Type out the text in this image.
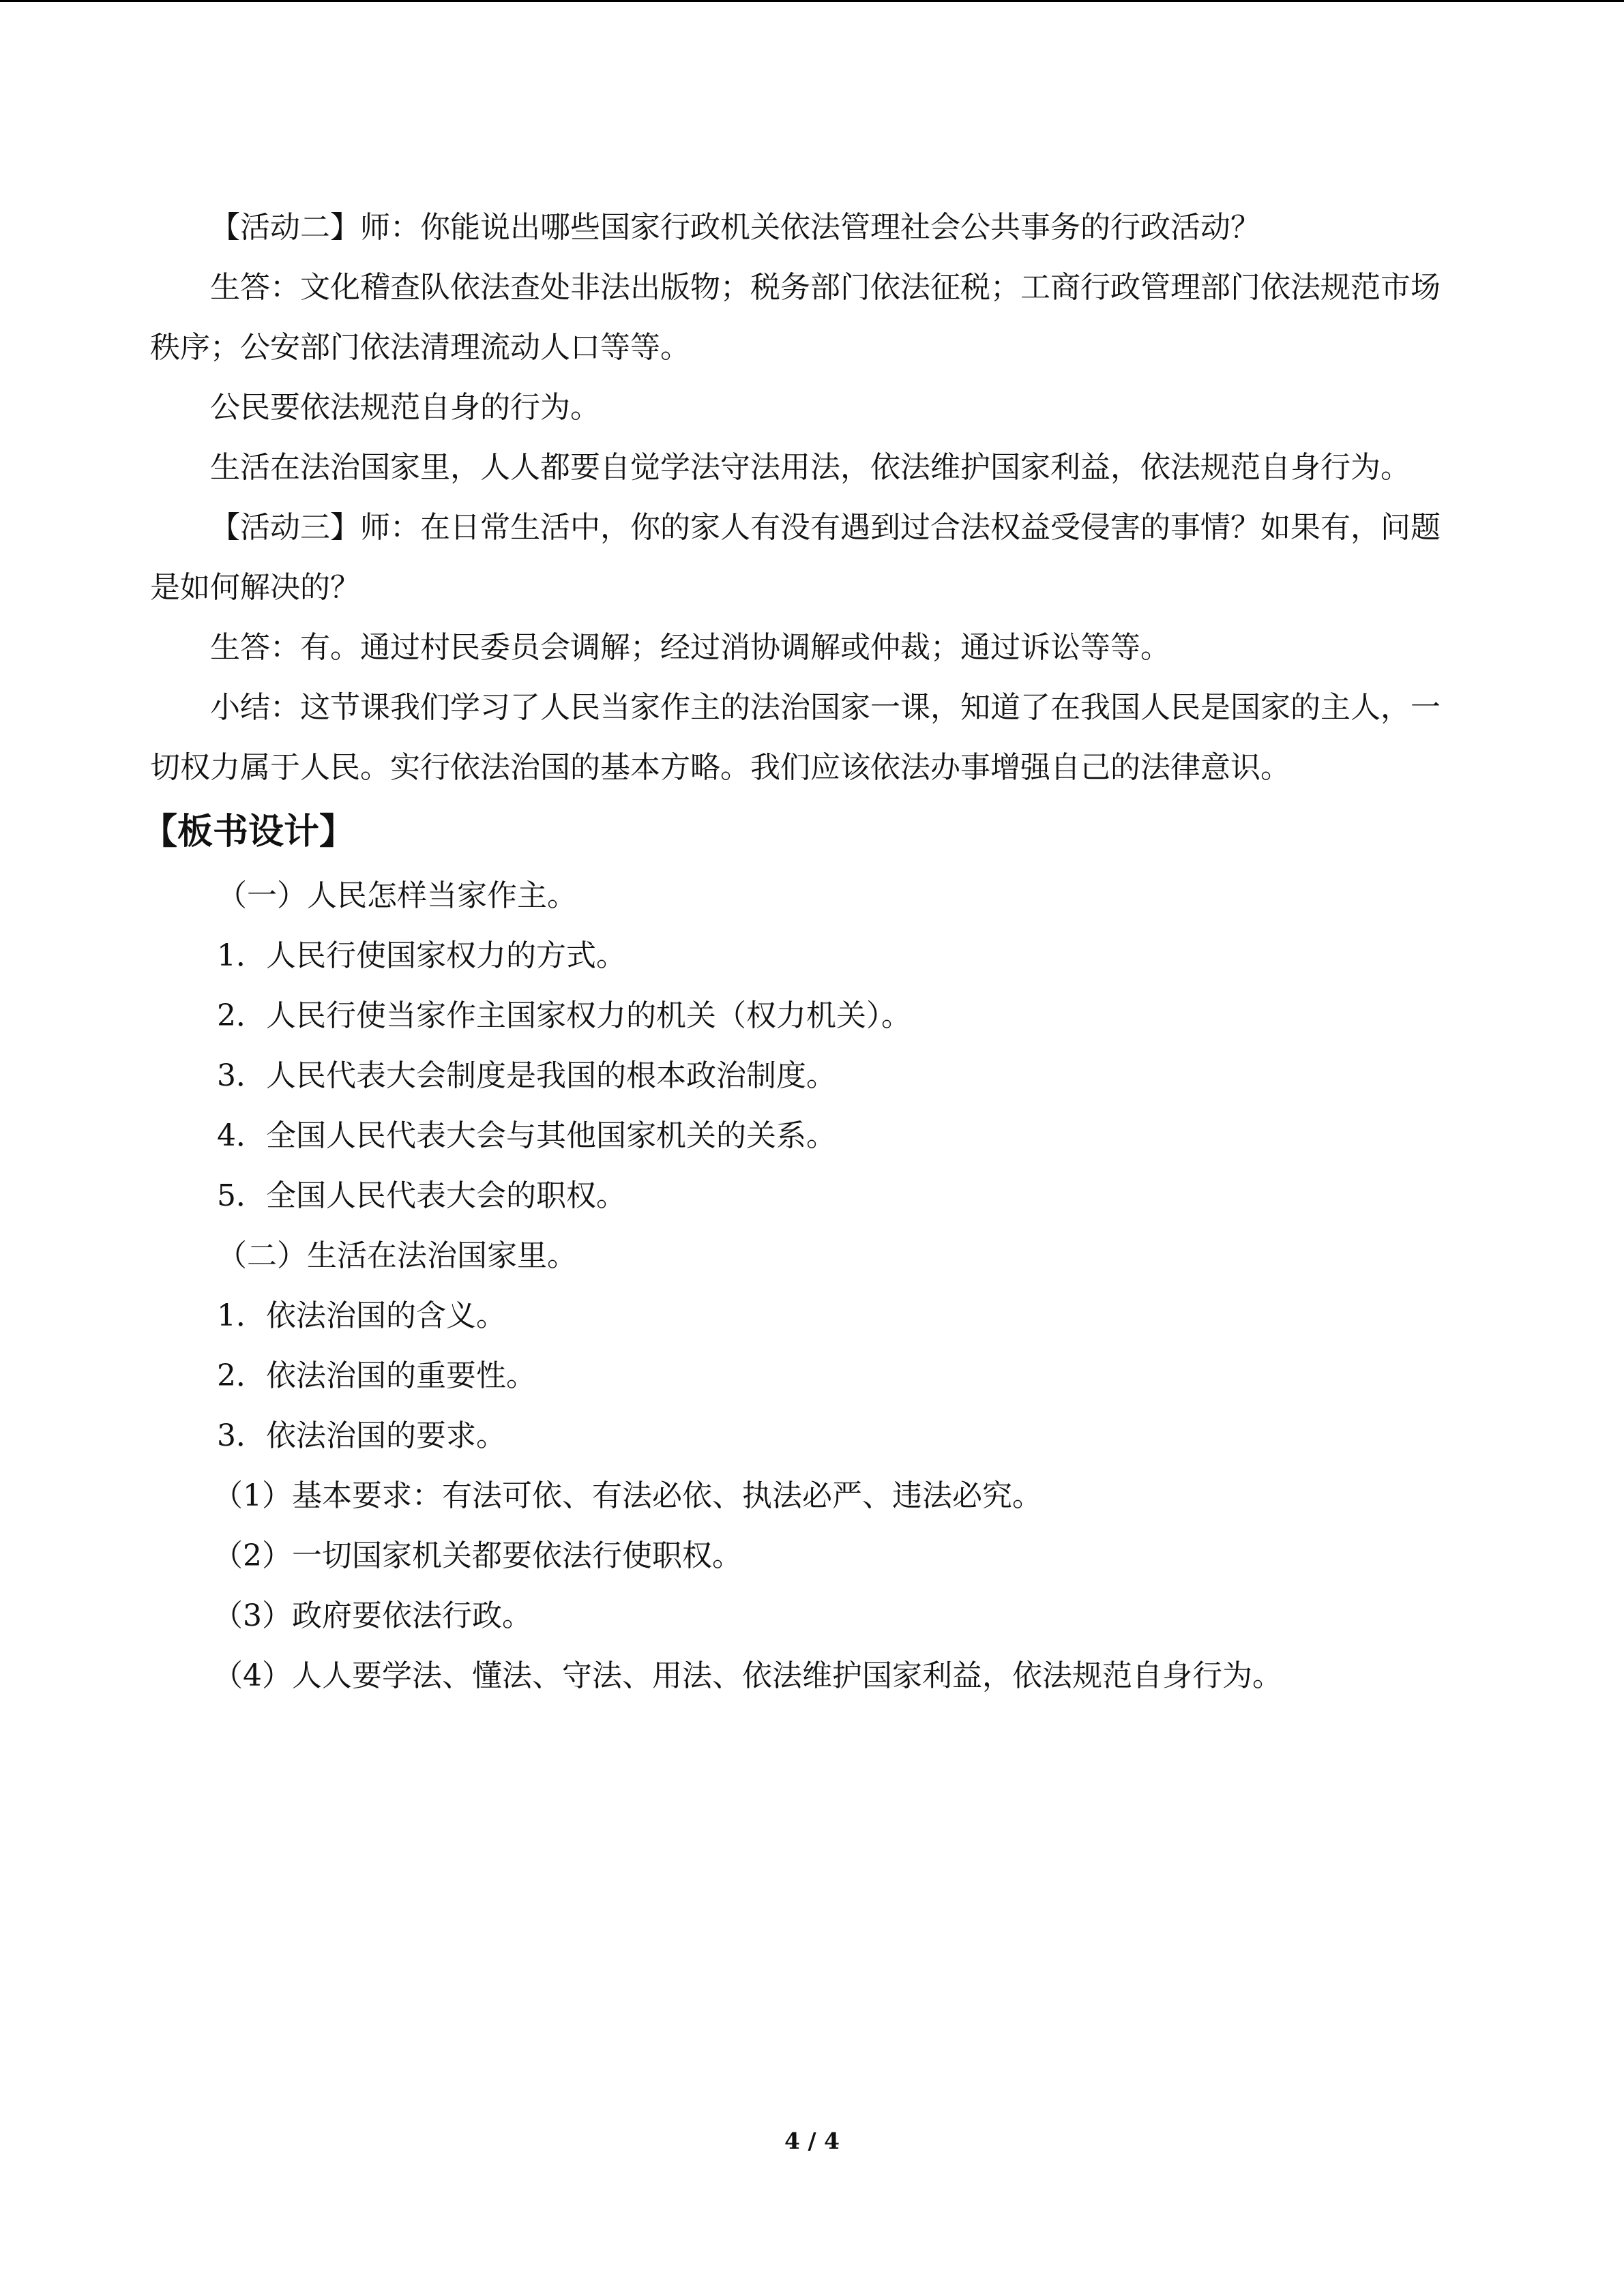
【活动二】师：你能说出哪些国家行政机关依法管理社会公共事务的行政活动？

生答：文化稽查队依法查处非法出版物；税务部门依法征税；工商行政管理部门依法规范市场秩序；公安部门依法清理流动人口等等。

公民要依法规范自身的行为。

生活在法治国家里，人人都要自觉学法守法用法，依法维护国家利益，依法规范自身行为。

【活动三】师：在日常生活中，你的家人有没有遇到过合法权益受侵害的事情？如果有，问题是如何解决的？

生答：有。通过村民委员会调解；经过消协调解或仲裁；通过诉讼等等。

小结：这节课我们学习了人民当家作主的法治国家一课，知道了在我国人民是国家的主人，一切权力属于人民。实行依法治国的基本方略。我们应该依法办事增强自己的法律意识。

【板书设计】

（一）人民怎样当家作主。

1．人民行使国家权力的方式。

2．人民行使当家作主国家权力的机关（权力机关）。

3．人民代表大会制度是我国的根本政治制度。

4．全国人民代表大会与其他国家机关的关系。

5．全国人民代表大会的职权。

（二）生活在法治国家里。

1．依法治国的含义。

2．依法治国的重要性。

3．依法治国的要求。

（1）基本要求：有法可依、有法必依、执法必严、违法必究。

（2）一切国家机关都要依法行使职权。

（3）政府要依法行政。

（4）人人要学法、懂法、守法、用法、依法维护国家利益，依法规范自身行为。

4 / 4
